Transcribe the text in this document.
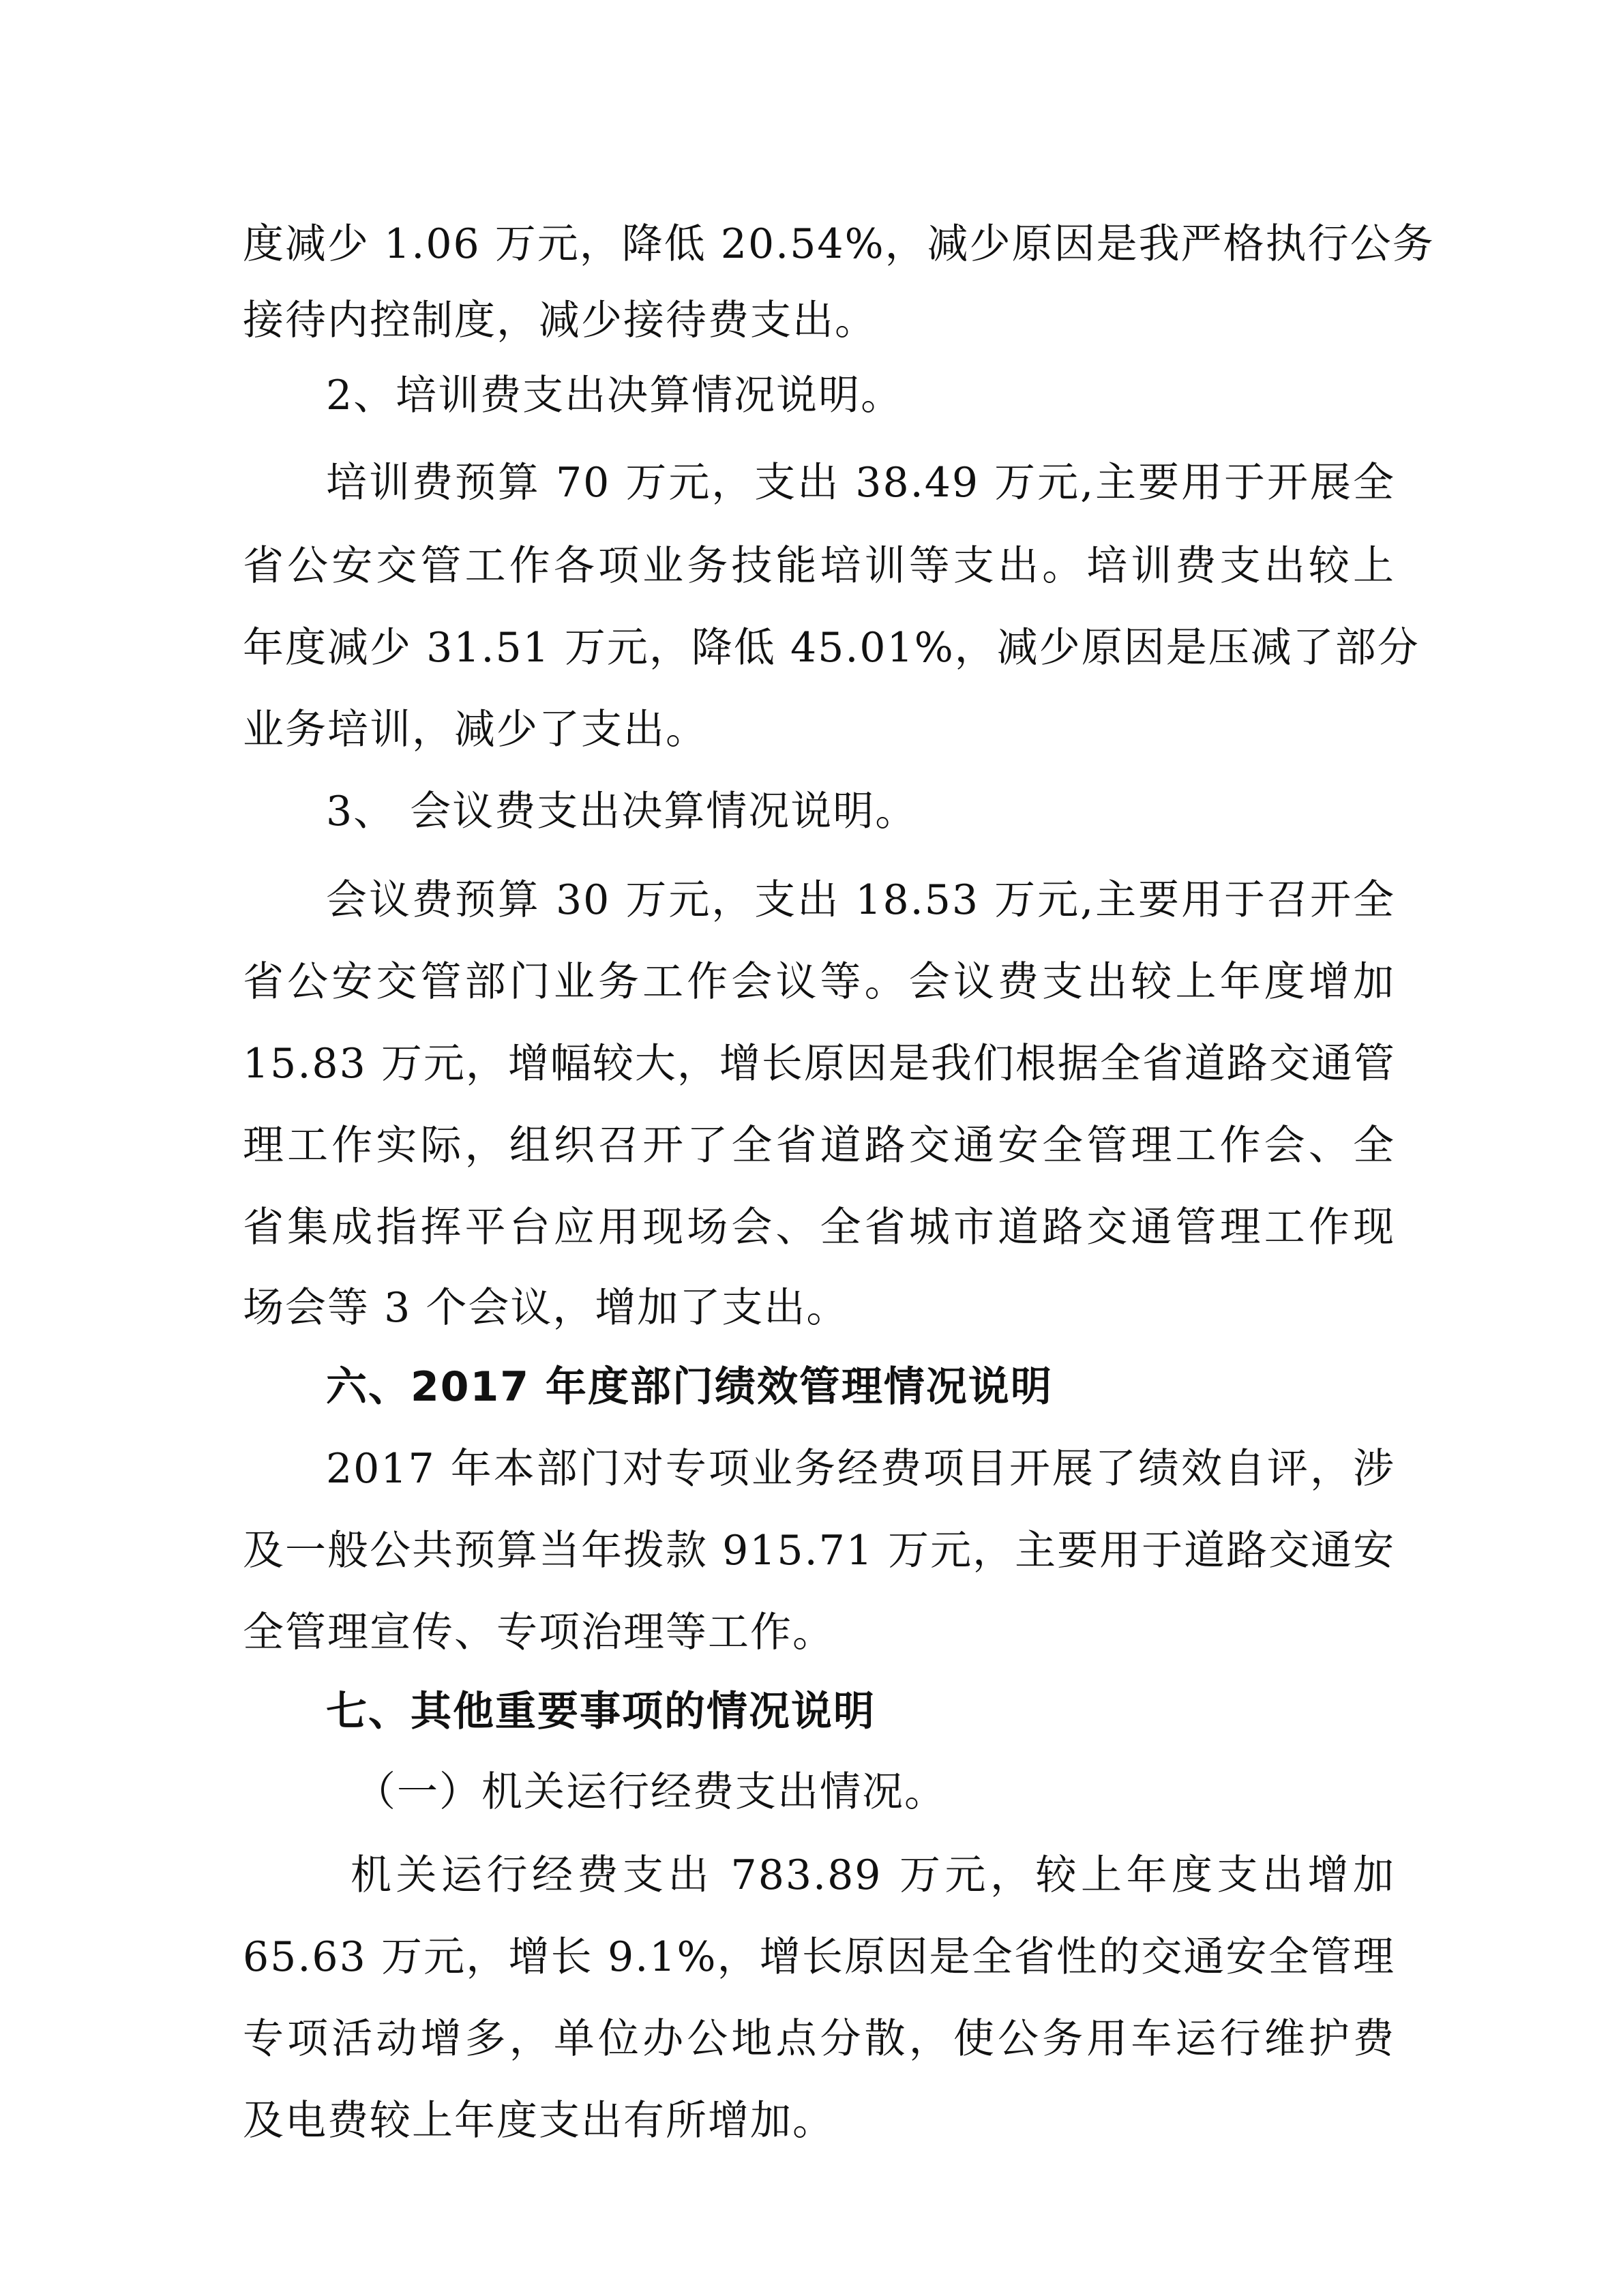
度减少 1.06 万元，降低 20.54%，减少原因是我严格执行公务
接待内控制度，减少接待费支出。
2、培训费支出决算情况说明。
培训费预算 70 万元，支出 38.49 万元,主要用于开展全
省公安交管工作各项业务技能培训等支出。培训费支出较上
年度减少 31.51 万元，降低 45.01%，减少原因是压减了部分
业务培训，减少了支出。
3、 会议费支出决算情况说明。
会议费预算 30 万元，支出 18.53 万元,主要用于召开全
省公安交管部门业务工作会议等。会议费支出较上年度增加
15.83 万元，增幅较大，增长原因是我们根据全省道路交通管
理工作实际，组织召开了全省道路交通安全管理工作会、全
省集成指挥平台应用现场会、全省城市道路交通管理工作现
场会等 3 个会议，增加了支出。
六、2017 年度部门绩效管理情况说明
2017 年本部门对专项业务经费项目开展了绩效自评，涉
及一般公共预算当年拨款 915.71 万元，主要用于道路交通安
全管理宣传、专项治理等工作。
七、其他重要事项的情况说明
（一）机关运行经费支出情况。
机关运行经费支出 783.89 万元，较上年度支出增加
65.63 万元，增长 9.1%，增长原因是全省性的交通安全管理
专项活动增多，单位办公地点分散，使公务用车运行维护费
及电费较上年度支出有所增加。
